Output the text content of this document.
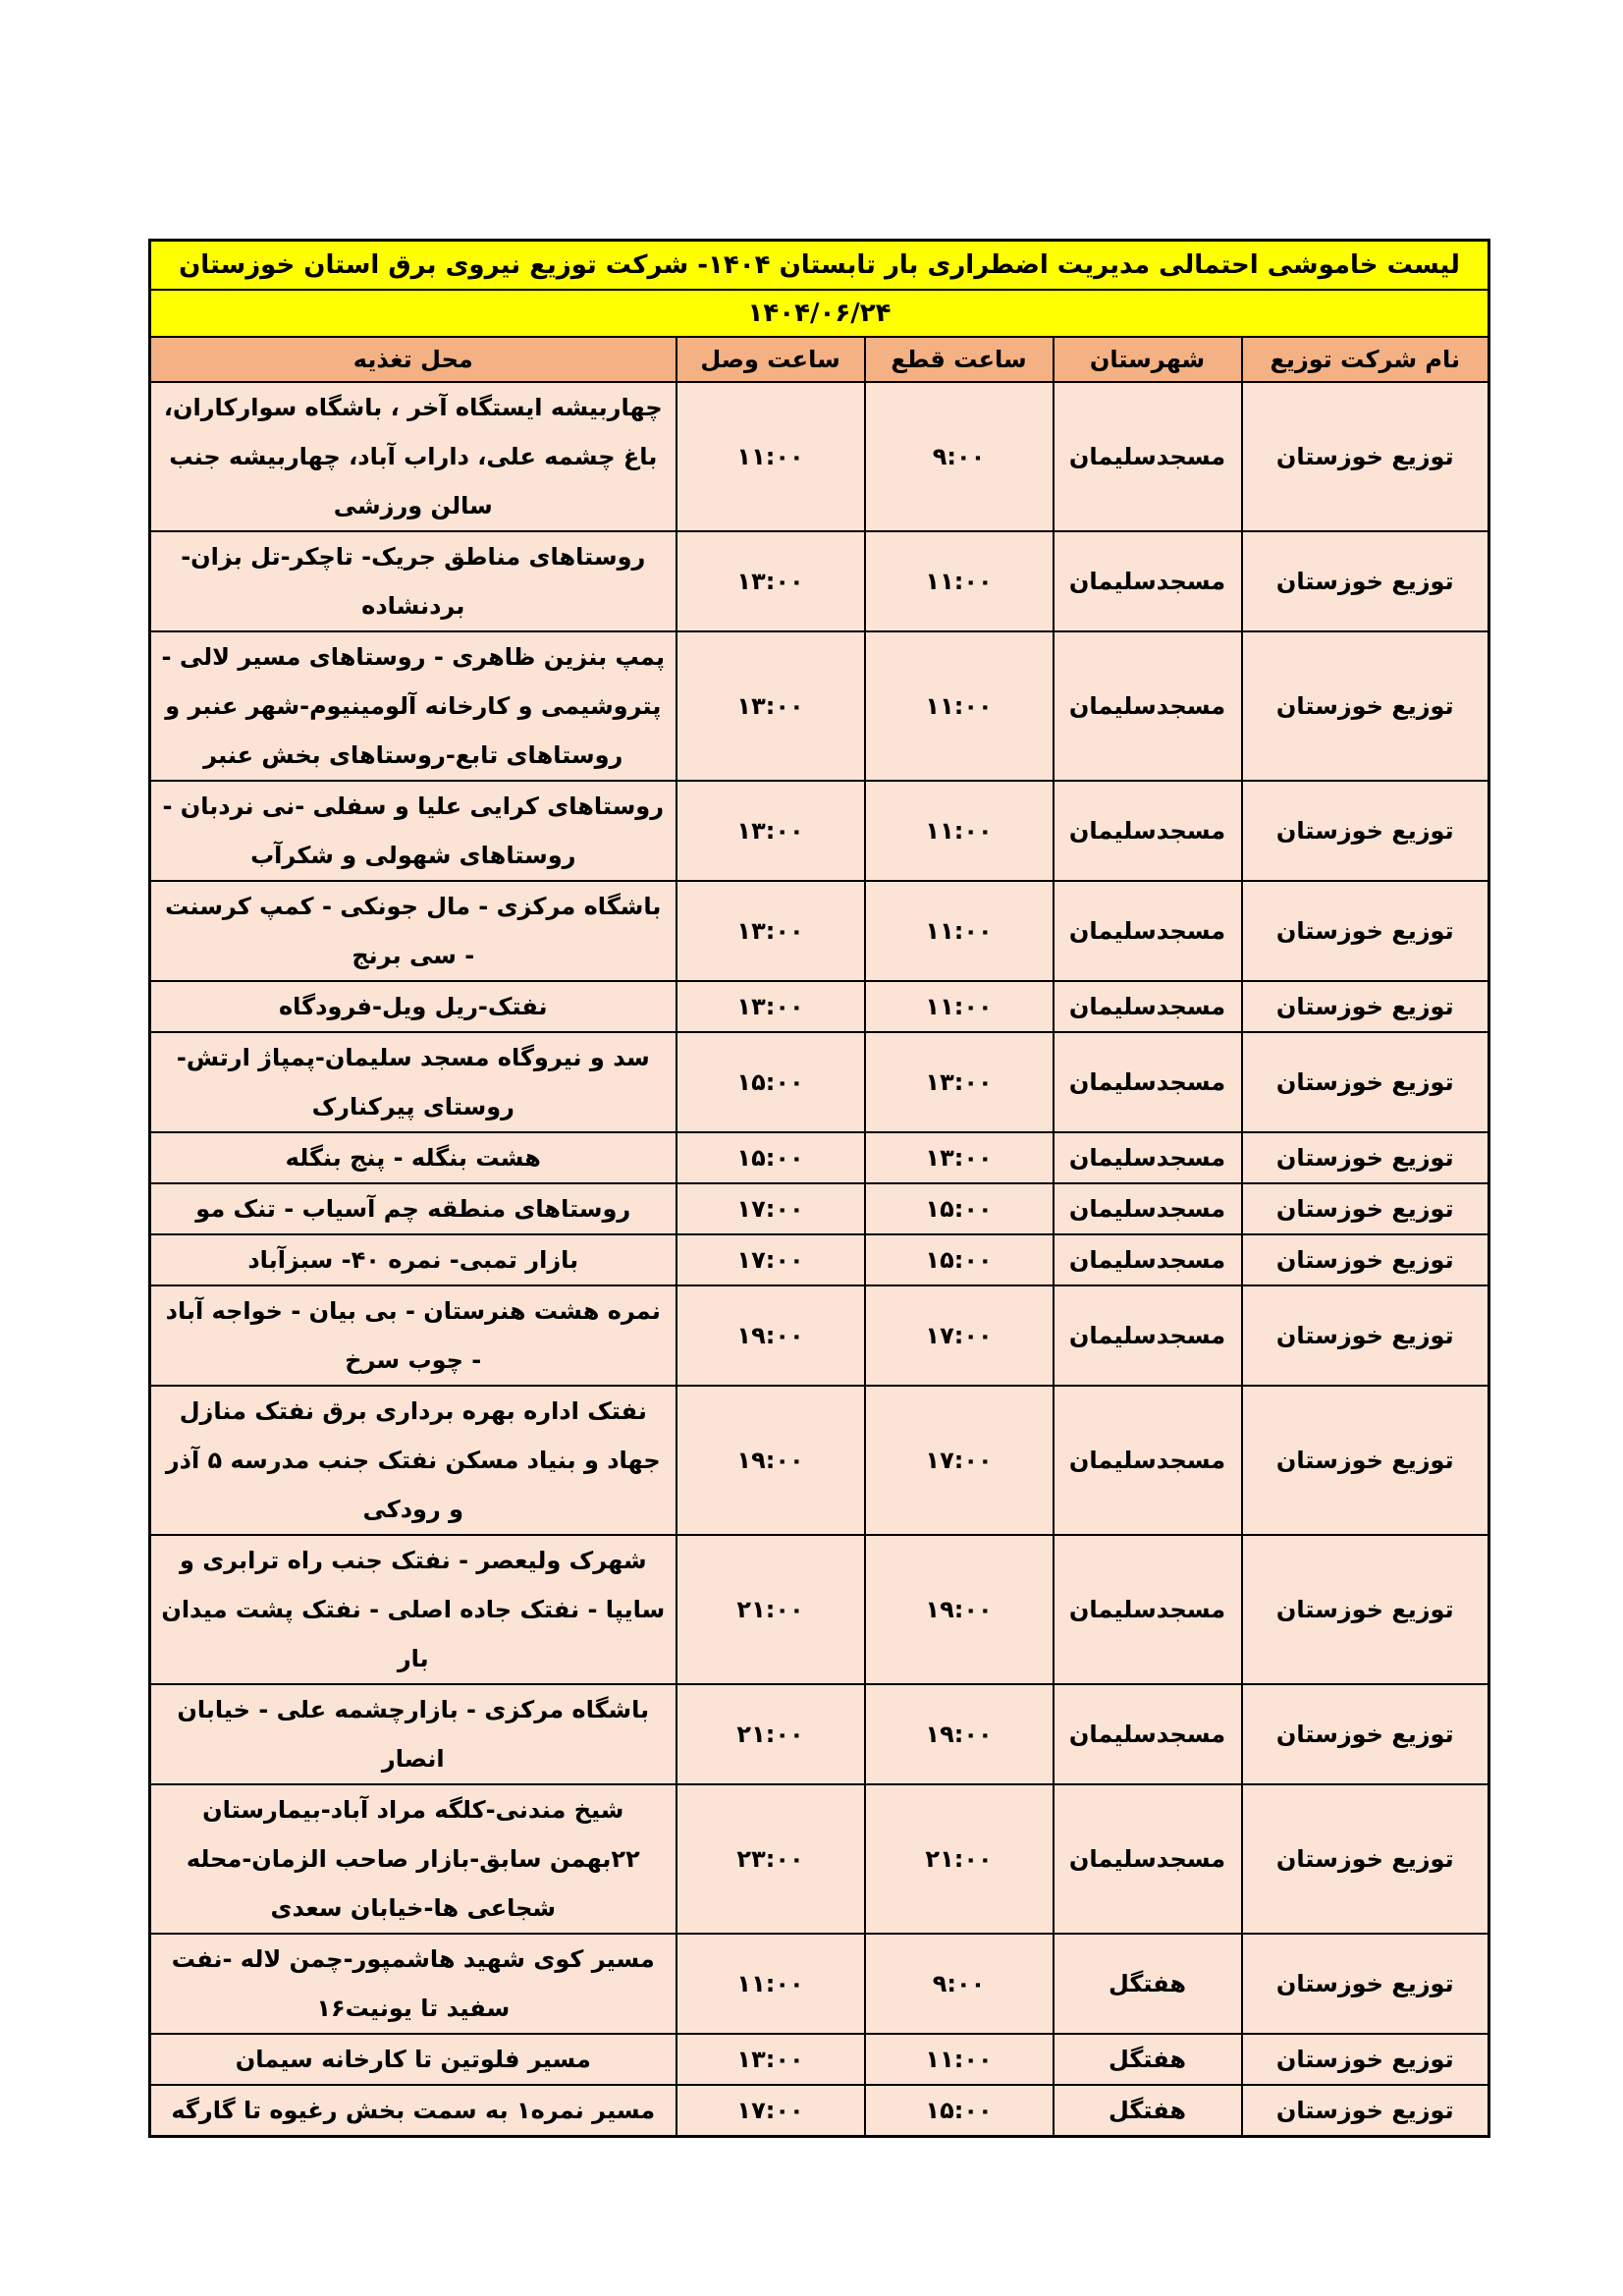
لیست خاموشی احتمالی مدیریت اضطراری بار تابستان ۱۴۰۴- شرکت توزیع نیروی برق استان خوزستان				
۱۴۰۴/۰۶/۲۴				
نام شرکت توزیع	شهرستان	ساعت قطع	ساعت وصل	محل تغذیه
توزیع خوزستان	مسجدسلیمان	۹:۰۰	۱۱:۰۰	چهاربیشه ایستگاه آخر ، باشگاه سوارکاران، باغ چشمه علی، داراب آباد، چهاربیشه جنب سالن ورزشی
توزیع خوزستان	مسجدسلیمان	۱۱:۰۰	۱۳:۰۰	روستاهای مناطق جریک- تاچکر-تل بزان-بردنشاده
توزیع خوزستان	مسجدسلیمان	۱۱:۰۰	۱۳:۰۰	پمپ بنزین ظاهری - روستاهای مسیر لالی - پتروشیمی و کارخانه آلومینیوم-شهر عنبر و روستاهای تابع-روستاهای بخش عنبر
توزیع خوزستان	مسجدسلیمان	۱۱:۰۰	۱۳:۰۰	روستاهای کرایی علیا و سفلی -نی نردبان - روستاهای شهولی و شکرآب
توزیع خوزستان	مسجدسلیمان	۱۱:۰۰	۱۳:۰۰	باشگاه مرکزی - مال جونکی - کمپ کرسنت - سی برنج
توزیع خوزستان	مسجدسلیمان	۱۱:۰۰	۱۳:۰۰	نفتک-ریل ویل-فرودگاه
توزیع خوزستان	مسجدسلیمان	۱۳:۰۰	۱۵:۰۰	سد و نیروگاه مسجد سلیمان-پمپاژ ارتش-روستای پیرکنارک
توزیع خوزستان	مسجدسلیمان	۱۳:۰۰	۱۵:۰۰	هشت بنگله - پنج بنگله
توزیع خوزستان	مسجدسلیمان	۱۵:۰۰	۱۷:۰۰	روستاهای منطقه چم آسیاب - تنک مو
توزیع خوزستان	مسجدسلیمان	۱۵:۰۰	۱۷:۰۰	بازار تمبی- نمره ۴۰- سبزآباد
توزیع خوزستان	مسجدسلیمان	۱۷:۰۰	۱۹:۰۰	نمره هشت هنرستان - بی بیان - خواجه آباد - چوب سرخ
توزیع خوزستان	مسجدسلیمان	۱۷:۰۰	۱۹:۰۰	نفتک اداره بهره برداری برق نفتک منازل جهاد و بنیاد مسکن نفتک جنب مدرسه ۵ آذر و رودکی
توزیع خوزستان	مسجدسلیمان	۱۹:۰۰	۲۱:۰۰	شهرک ولیعصر - نفتک جنب راه ترابری و سایپا - نفتک جاده اصلی - نفتک پشت میدان بار
توزیع خوزستان	مسجدسلیمان	۱۹:۰۰	۲۱:۰۰	باشگاه مرکزی - بازارچشمه علی - خیابان انصار
توزیع خوزستان	مسجدسلیمان	۲۱:۰۰	۲۳:۰۰	شیخ مندنی-کلگه مراد آباد-بیمارستان ۲۲بهمن سابق-بازار صاحب الزمان-محله شجاعی ها-خیابان سعدی
توزیع خوزستان	هفتگل	۹:۰۰	۱۱:۰۰	مسیر کوی شهید هاشمپور-چمن لاله -نفت سفید تا یونیت۱۶
توزیع خوزستان	هفتگل	۱۱:۰۰	۱۳:۰۰	مسیر فلوتین تا کارخانه سیمان
توزیع خوزستان	هفتگل	۱۵:۰۰	۱۷:۰۰	مسیر نمره۱ به سمت بخش رغیوه تا گارگه
